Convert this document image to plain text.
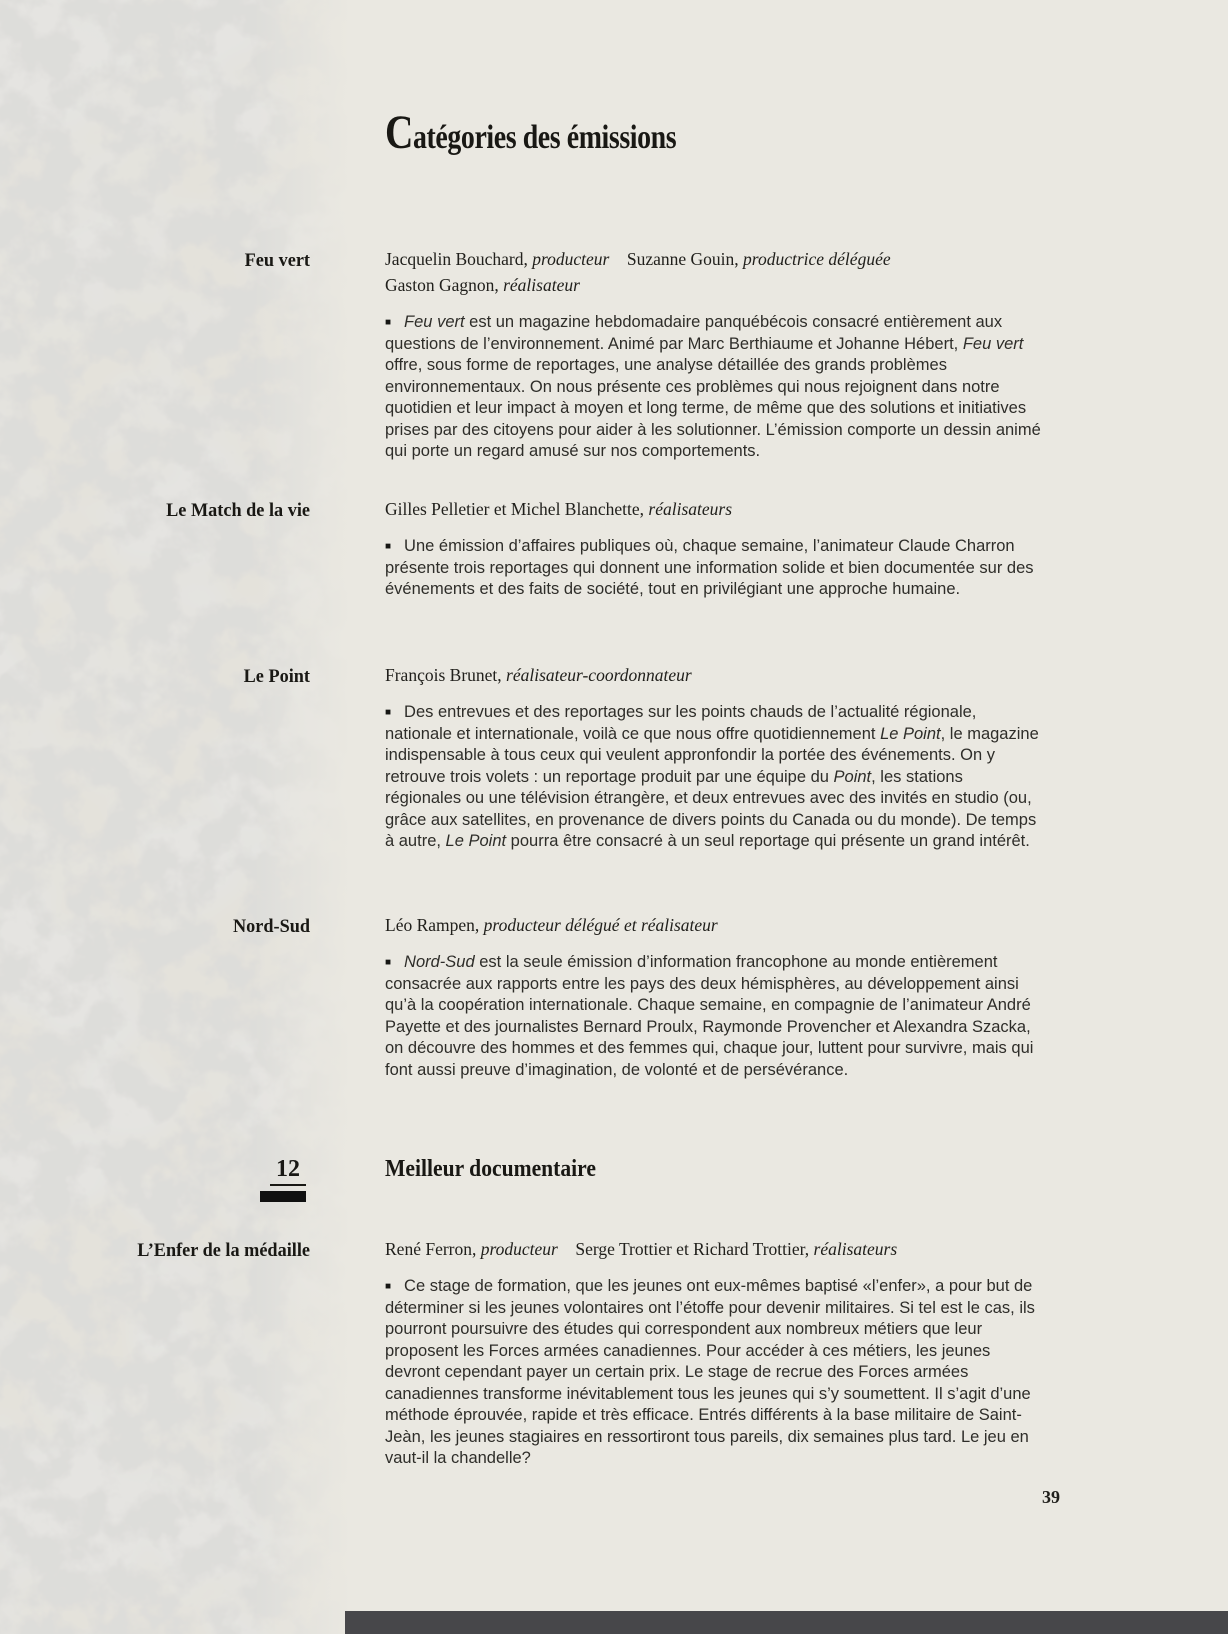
Catégories des émissions
Feu vert	Jacquelin Bouchard, producteur  Suzanne Gouin, productrice déléguée
Gaston Gagnon, réalisateur

■ Feu vert est un magazine hebdomadaire panquébécois consacré entièrement aux questions de l’environnement. Animé par Marc Berthiaume et Johanne Hébert, Feu vert offre, sous forme de reportages, une analyse détaillée des grands problèmes environnementaux. On nous présente ces problèmes qui nous rejoignent dans notre quotidien et leur impact à moyen et long terme, de même que des solutions et initiatives prises par des citoyens pour aider à les solutionner. L’émission comporte un dessin animé qui porte un regard amusé sur nos comportements.

Le Match de la vie	Gilles Pelletier et Michel Blanchette, réalisateurs

■ Une émission d’affaires publiques où, chaque semaine, l’animateur Claude Charron présente trois reportages qui donnent une information solide et bien documentée sur des événements et des faits de société, tout en privilégiant une approche humaine.

Le Point	François Brunet, réalisateur-coordonnateur

■ Des entrevues et des reportages sur les points chauds de l’actualité régionale, nationale et internationale, voilà ce que nous offre quotidiennement Le Point, le magazine indispensable à tous ceux qui veulent appronfondir la portée des événements. On y retrouve trois volets : un reportage produit par une équipe du Point, les stations régionales ou une télévision étrangère, et deux entrevues avec des invités en studio (ou, grâce aux satellites, en provenance de divers points du Canada ou du monde). De temps à autre, Le Point pourra être consacré à un seul reportage qui présente un grand intérêt.

Nord-Sud	Léo Rampen, producteur délégué et réalisateur

■ Nord-Sud est la seule émission d’information francophone au monde entièrement consacrée aux rapports entre les pays des deux hémisphères, au développement ainsi qu’à la coopération internationale. Chaque semaine, en compagnie de l’animateur André Payette et des journalistes Bernard Proulx, Raymonde Provencher et Alexandra Szacka, on découvre des hommes et des femmes qui, chaque jour, luttent pour survivre, mais qui font aussi preuve d’imagination, de volonté et de persévérance.

12	Meilleur documentaire
L’Enfer de la médaille	René Ferron, producteur  Serge Trottier et Richard Trottier, réalisateurs

■ Ce stage de formation, que les jeunes ont eux-mêmes baptisé «l’enfer», a pour but de déterminer si les jeunes volontaires ont l’étoffe pour devenir militaires. Si tel est le cas, ils pourront poursuivre des études qui correspondent aux nombreux métiers que leur proposent les Forces armées canadiennes. Pour accéder à ces métiers, les jeunes devront cependant payer un certain prix. Le stage de recrue des Forces armées canadiennes transforme inévitablement tous les jeunes qui s’y soumettent. Il s’agit d’une méthode éprouvée, rapide et très efficace. Entrés différents à la base militaire de Saint-Jeàn, les jeunes stagiaires en ressortiront tous pareils, dix semaines plus tard. Le jeu en vaut-il la chandelle?

39
